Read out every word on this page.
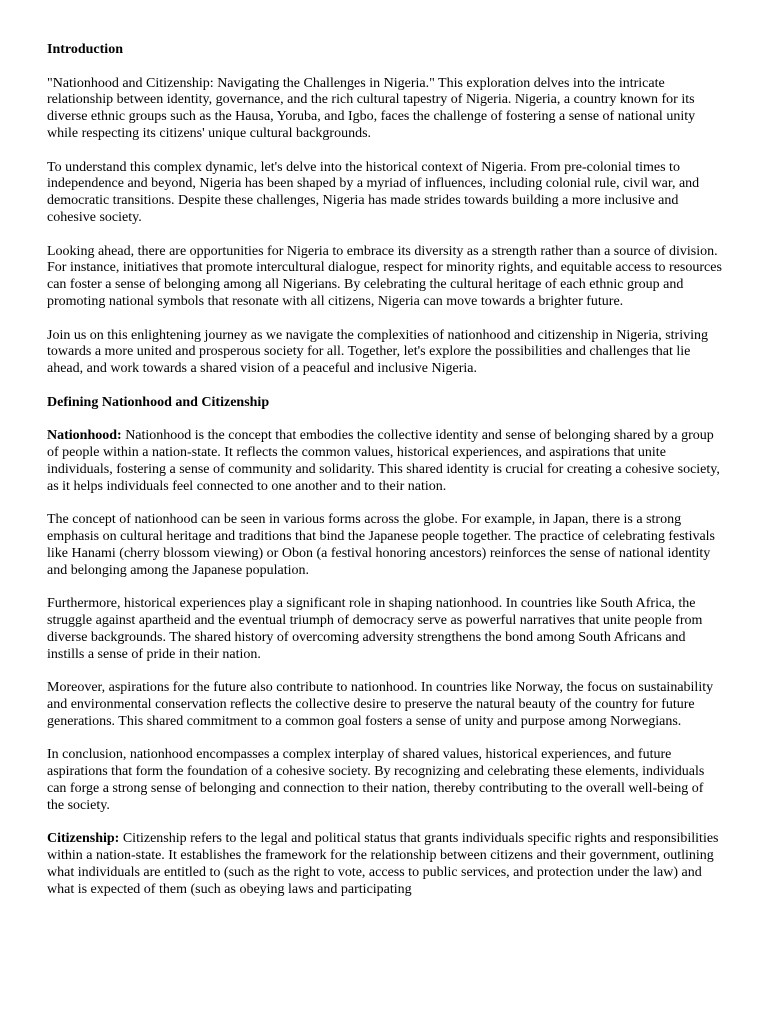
Introduction

"Nationhood and Citizenship: Navigating the Challenges in Nigeria." This exploration delves into the intricate relationship between identity, governance, and the rich cultural tapestry of Nigeria. Nigeria, a country known for its diverse ethnic groups such as the Hausa, Yoruba, and Igbo, faces the challenge of fostering a sense of national unity while respecting its citizens' unique cultural backgrounds.

To understand this complex dynamic, let's delve into the historical context of Nigeria. From pre-colonial times to independence and beyond, Nigeria has been shaped by a myriad of influences, including colonial rule, civil war, and democratic transitions. Despite these challenges, Nigeria has made strides towards building a more inclusive and cohesive society.

Looking ahead, there are opportunities for Nigeria to embrace its diversity as a strength rather than a source of division. For instance, initiatives that promote intercultural dialogue, respect for minority rights, and equitable access to resources can foster a sense of belonging among all Nigerians. By celebrating the cultural heritage of each ethnic group and promoting national symbols that resonate with all citizens, Nigeria can move towards a brighter future.

Join us on this enlightening journey as we navigate the complexities of nationhood and citizenship in Nigeria, striving towards a more united and prosperous society for all. Together, let's explore the possibilities and challenges that lie ahead, and work towards a shared vision of a peaceful and inclusive Nigeria.

Defining Nationhood and Citizenship

Nationhood: Nationhood is the concept that embodies the collective identity and sense of belonging shared by a group of people within a nation-state. It reflects the common values, historical experiences, and aspirations that unite individuals, fostering a sense of community and solidarity. This shared identity is crucial for creating a cohesive society, as it helps individuals feel connected to one another and to their nation.

The concept of nationhood can be seen in various forms across the globe. For example, in Japan, there is a strong emphasis on cultural heritage and traditions that bind the Japanese people together. The practice of celebrating festivals like Hanami (cherry blossom viewing) or Obon (a festival honoring ancestors) reinforces the sense of national identity and belonging among the Japanese population.

Furthermore, historical experiences play a significant role in shaping nationhood. In countries like South Africa, the struggle against apartheid and the eventual triumph of democracy serve as powerful narratives that unite people from diverse backgrounds. The shared history of overcoming adversity strengthens the bond among South Africans and instills a sense of pride in their nation.

Moreover, aspirations for the future also contribute to nationhood. In countries like Norway, the focus on sustainability and environmental conservation reflects the collective desire to preserve the natural beauty of the country for future generations. This shared commitment to a common goal fosters a sense of unity and purpose among Norwegians.

In conclusion, nationhood encompasses a complex interplay of shared values, historical experiences, and future aspirations that form the foundation of a cohesive society. By recognizing and celebrating these elements, individuals can forge a strong sense of belonging and connection to their nation, thereby contributing to the overall well-being of the society.

Citizenship: Citizenship refers to the legal and political status that grants individuals specific rights and responsibilities within a nation-state. It establishes the framework for the relationship between citizens and their government, outlining what individuals are entitled to (such as the right to vote, access to public services, and protection under the law) and what is expected of them (such as obeying laws and participating
